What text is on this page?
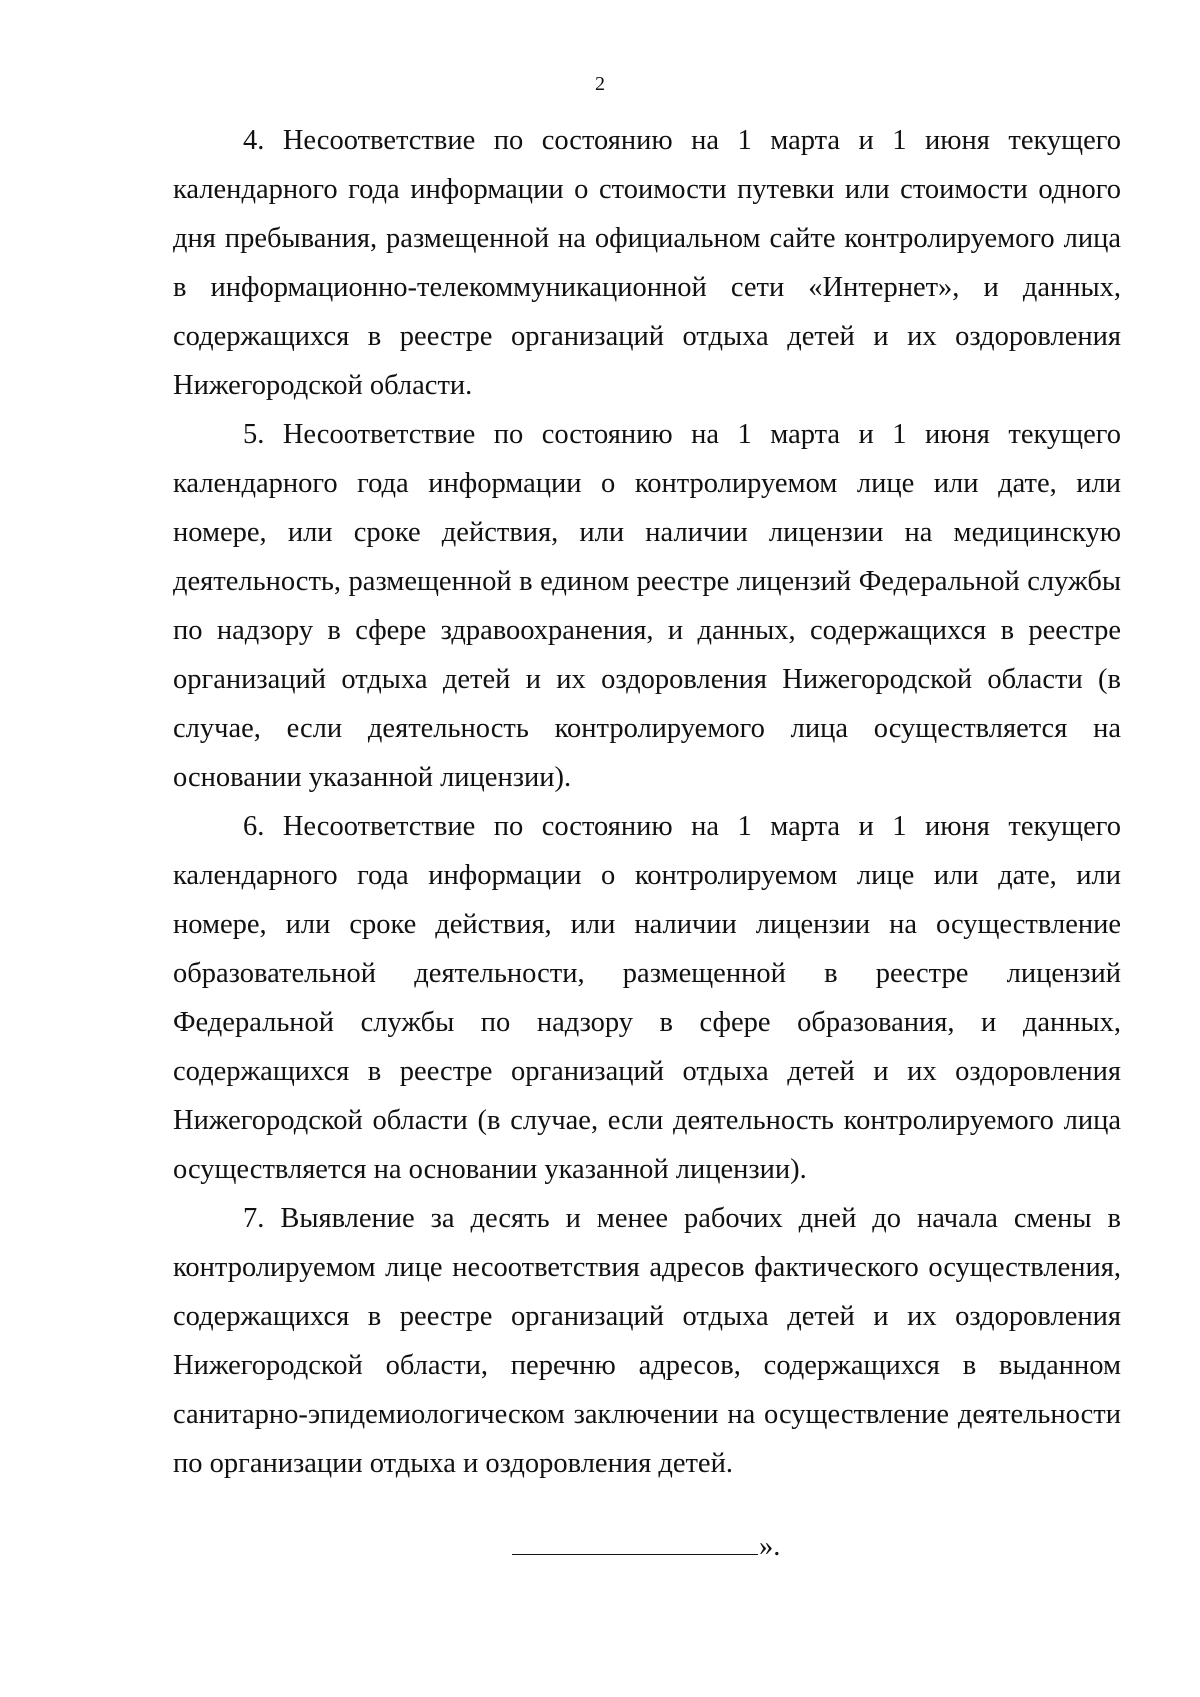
2

4. Несоответствие по состоянию на 1 марта и 1 июня текущего календарного года информации о стоимости путевки или стоимости одного дня пребывания, размещенной на официальном сайте контролируемого лица в информационно-телекоммуникационной сети «Интернет», и данных, содержащихся в реестре организаций отдыха детей и их оздоровления Нижегородской области.

5. Несоответствие по состоянию на 1 марта и 1 июня текущего календарного года информации о контролируемом лице или дате, или номере, или сроке действия, или наличии лицензии на медицинскую деятельность, размещенной в едином реестре лицензий Федеральной службы по надзору в сфере здравоохранения, и данных, содержащихся в реестре организаций отдыха детей и их оздоровления Нижегородской области (в случае, если деятельность контролируемого лица осуществляется на основании указанной лицензии).

6. Несоответствие по состоянию на 1 марта и 1 июня текущего календарного года информации о контролируемом лице или дате, или номере, или сроке действия, или наличии лицензии на осуществление образовательной деятельности, размещенной в реестре лицензий Федеральной службы по надзору в сфере образования, и данных, содержащихся в реестре организаций отдыха детей и их оздоровления Нижегородской области (в случае, если деятельность контролируемого лица осуществляется на основании указанной лицензии).

7. Выявление за десять и менее рабочих дней до начала смены в контролируемом лице несоответствия адресов фактического осуществления, содержащихся в реестре организаций отдыха детей и их оздоровления Нижегородской области, перечню адресов, содержащихся в выданном санитарно-эпидемиологическом заключении на осуществление деятельности по организации отдыха и оздоровления детей.

».
